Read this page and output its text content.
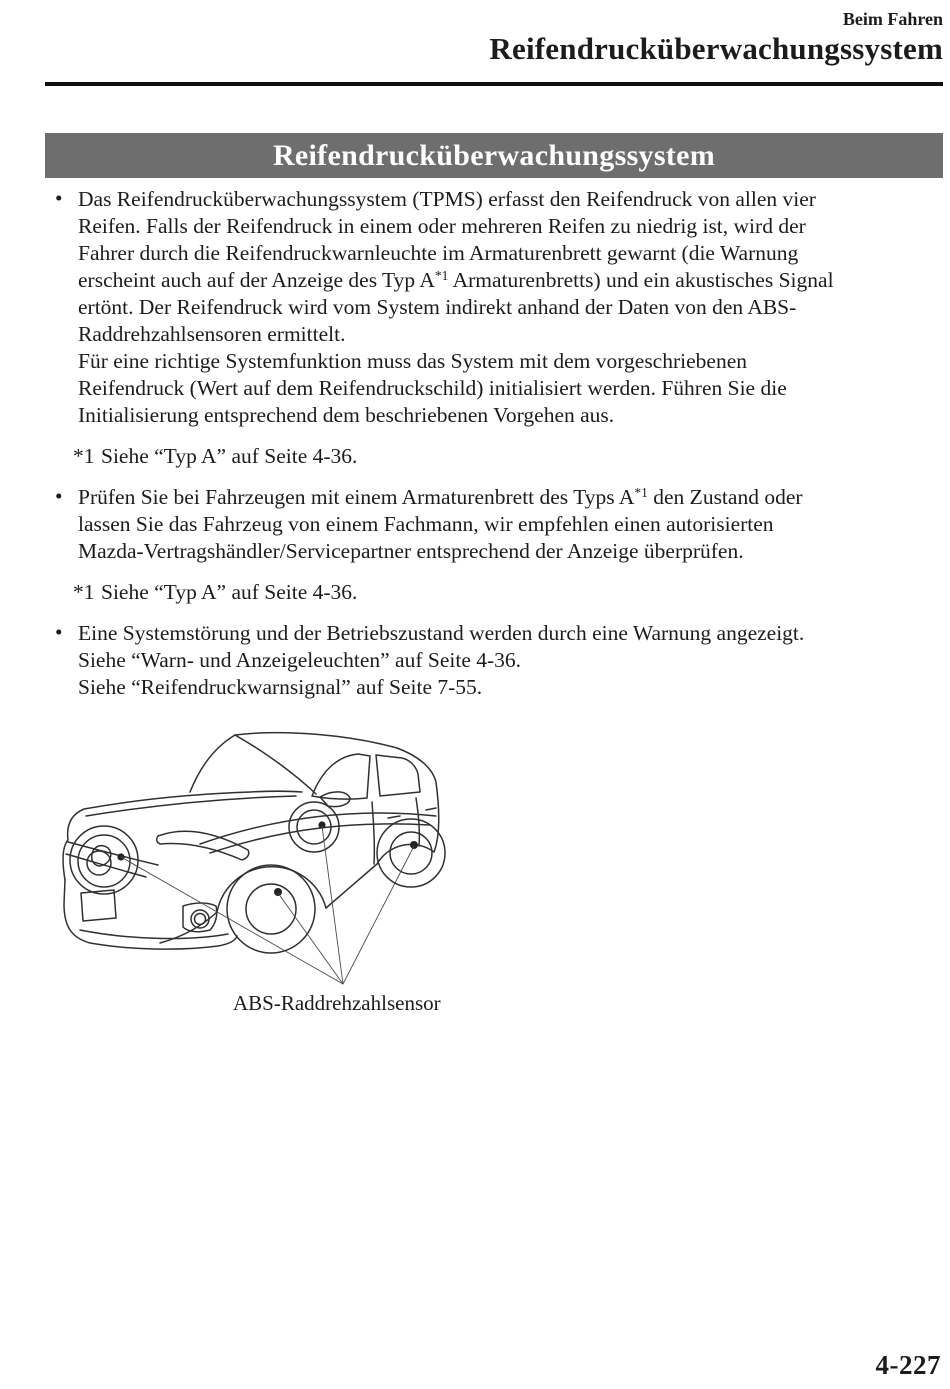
Beim Fahren
Reifendrucküberwachungssystem
Reifendrucküberwachungssystem
• Das Reifendrucküberwachungssystem (TPMS) erfasst den Reifendruck von allen vier
Reifen. Falls der Reifendruck in einem oder mehreren Reifen zu niedrig ist, wird der
Fahrer durch die Reifendruckwarnleuchte im Armaturenbrett gewarnt (die Warnung
erscheint auch auf der Anzeige des Typ A$^{*1}$ Armaturenbretts) und ein akustisches Signal
ertönt. Der Reifendruck wird vom System indirekt anhand der Daten von den ABS-
Raddrehzahlsensoren ermittelt.
Für eine richtige Systemfunktion muss das System mit dem vorgeschriebenen
Reifendruck (Wert auf dem Reifendruckschild) initialisiert werden. Führen Sie die
Initialisierung entsprechend dem beschriebenen Vorgehen aus.
*1 Siehe “Typ A” auf Seite 4-36.
• Prüfen Sie bei Fahrzeugen mit einem Armaturenbrett des Typs A$^{*1}$ den Zustand oder
lassen Sie das Fahrzeug von einem Fachmann, wir empfehlen einen autorisierten
Mazda-Vertragshändler/Servicepartner entsprechend der Anzeige überprüfen.
*1 Siehe “Typ A” auf Seite 4-36.
• Eine Systemstörung und der Betriebszustand werden durch eine Warnung angezeigt.
Siehe “Warn- und Anzeigeleuchten” auf Seite 4-36.
Siehe “Reifendruckwarnsignal” auf Seite 7-55.
ABS-Raddrehzahlsensor
4-227
